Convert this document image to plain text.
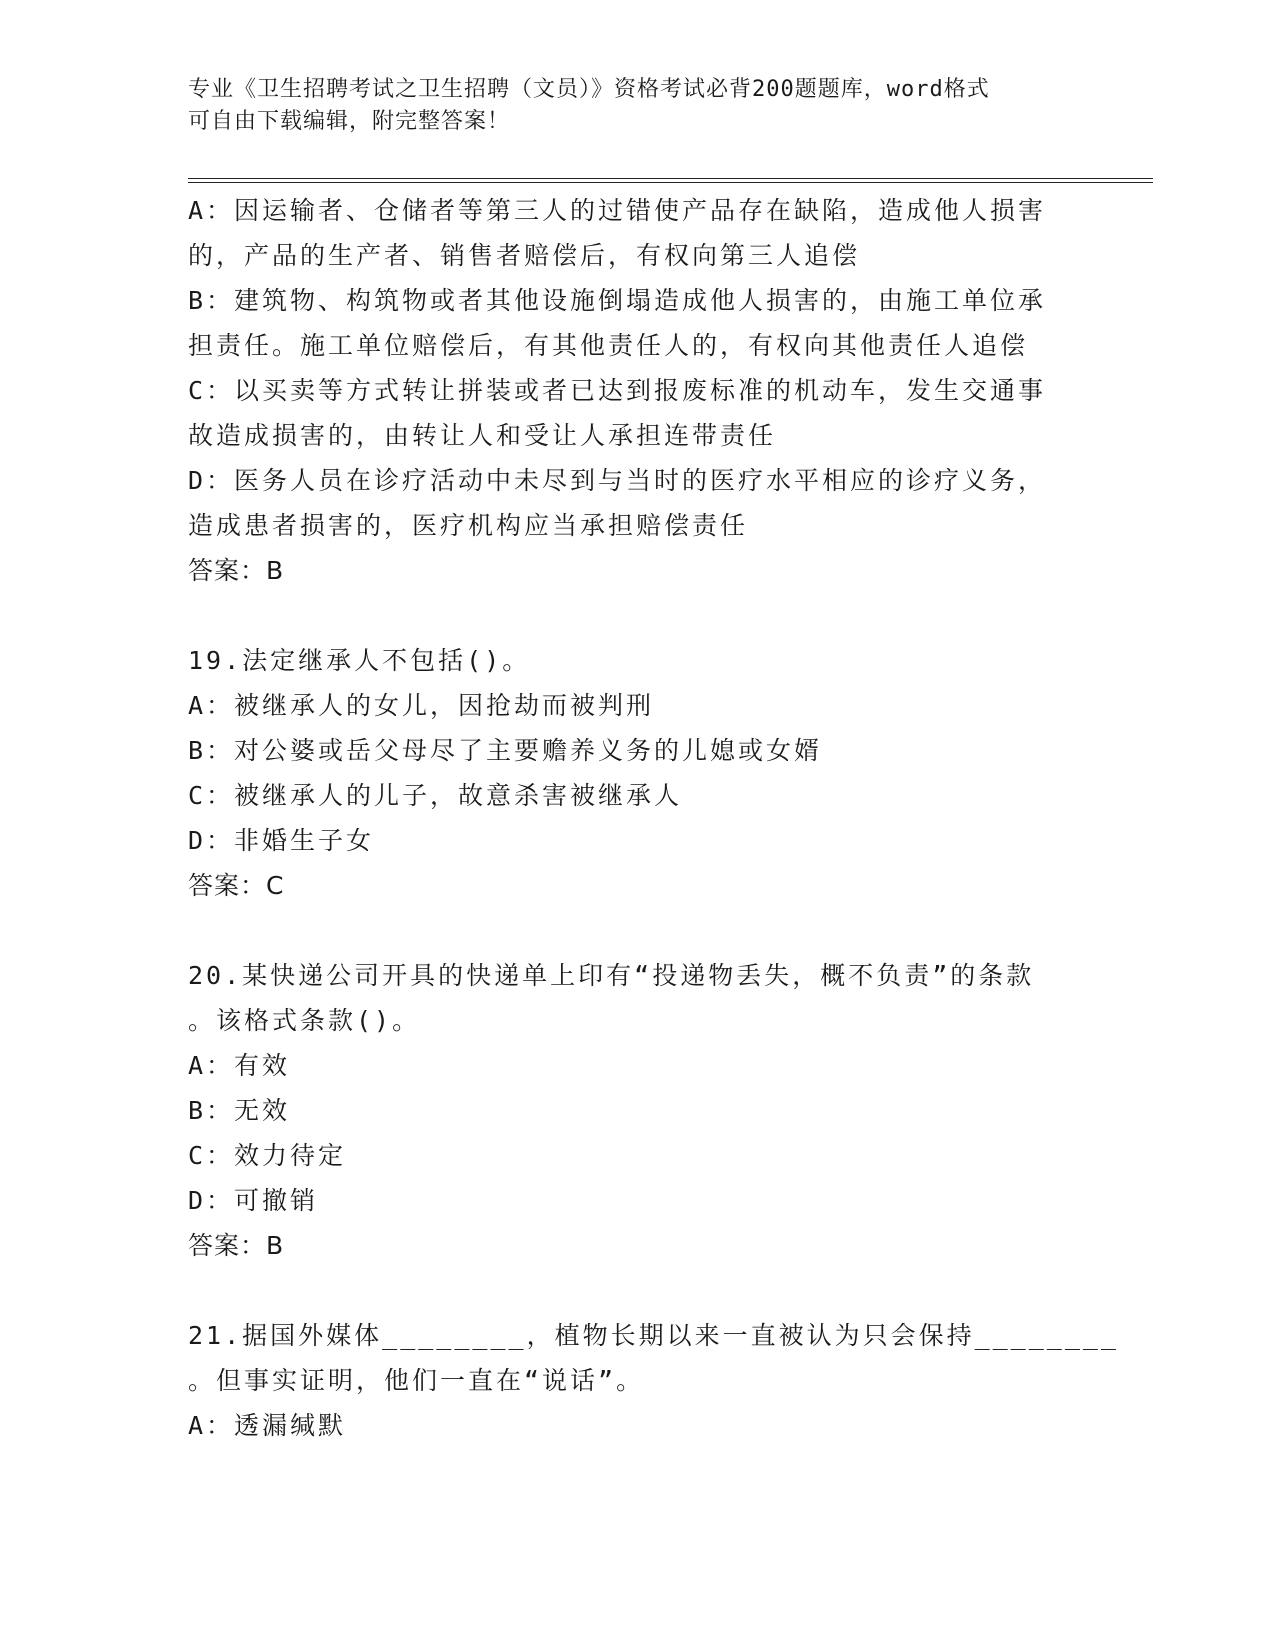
专业《卫生招聘考试之卫生招聘（文员）》资格考试必背200题题库，word格式
可自由下载编辑，附完整答案！
A：因运输者、仓储者等第三人的过错使产品存在缺陷，造成他人损害
的，产品的生产者、销售者赔偿后，有权向第三人追偿
B：建筑物、构筑物或者其他设施倒塌造成他人损害的，由施工单位承
担责任。施工单位赔偿后，有其他责任人的，有权向其他责任人追偿
C：以买卖等方式转让拼装或者已达到报废标准的机动车，发生交通事
故造成损害的，由转让人和受让人承担连带责任
D：医务人员在诊疗活动中未尽到与当时的医疗水平相应的诊疗义务，
造成患者损害的，医疗机构应当承担赔偿责任
答案：B
19.法定继承人不包括()。
A：被继承人的女儿，因抢劫而被判刑
B：对公婆或岳父母尽了主要赡养义务的儿媳或女婿
C：被继承人的儿子，故意杀害被继承人
D：非婚生子女
答案：C
20.某快递公司开具的快递单上印有“投递物丢失，概不负责”的条款
。该格式条款()。
A：有效
B：无效
C：效力待定
D：可撤销
答案：B
21.据国外媒体________，植物长期以来一直被认为只会保持________
。但事实证明，他们一直在“说话”。
A：透漏缄默
